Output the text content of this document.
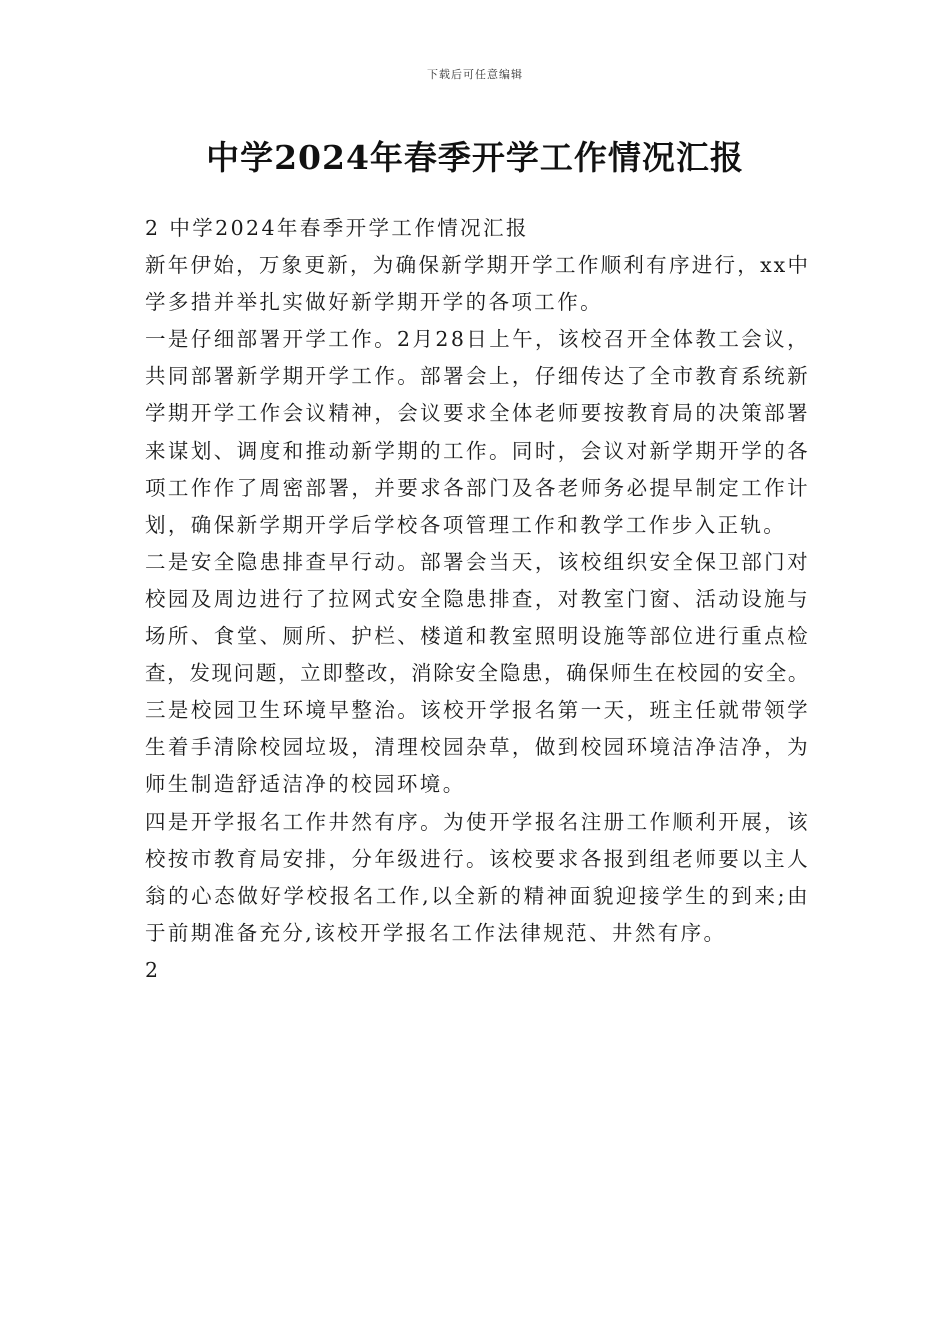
下载后可任意编辑
中学2024年春季开学工作情况汇报
2 中学2024年春季开学工作情况汇报
新年伊始，万象更新，为确保新学期开学工作顺利有序进行，xx中
学多措并举扎实做好新学期开学的各项工作。
一是仔细部署开学工作。2月28日上午，该校召开全体教工会议，
共同部署新学期开学工作。部署会上，仔细传达了全市教育系统新
学期开学工作会议精神，会议要求全体老师要按教育局的决策部署
来谋划、调度和推动新学期的工作。同时，会议对新学期开学的各
项工作作了周密部署，并要求各部门及各老师务必提早制定工作计
划，确保新学期开学后学校各项管理工作和教学工作步入正轨。
二是安全隐患排查早行动。部署会当天，该校组织安全保卫部门对
校园及周边进行了拉网式安全隐患排查，对教室门窗、活动设施与
场所、食堂、厕所、护栏、楼道和教室照明设施等部位进行重点检
查，发现问题，立即整改，消除安全隐患，确保师生在校园的安全。
三是校园卫生环境早整治。该校开学报名第一天，班主任就带领学
生着手清除校园垃圾，清理校园杂草，做到校园环境洁净洁净，为
师生制造舒适洁净的校园环境。
四是开学报名工作井然有序。为使开学报名注册工作顺利开展，该
校按市教育局安排，分年级进行。该校要求各报到组老师要以主人
翁的心态做好学校报名工作,以全新的精神面貌迎接学生的到来;由
于前期准备充分,该校开学报名工作法律规范、井然有序。
2
